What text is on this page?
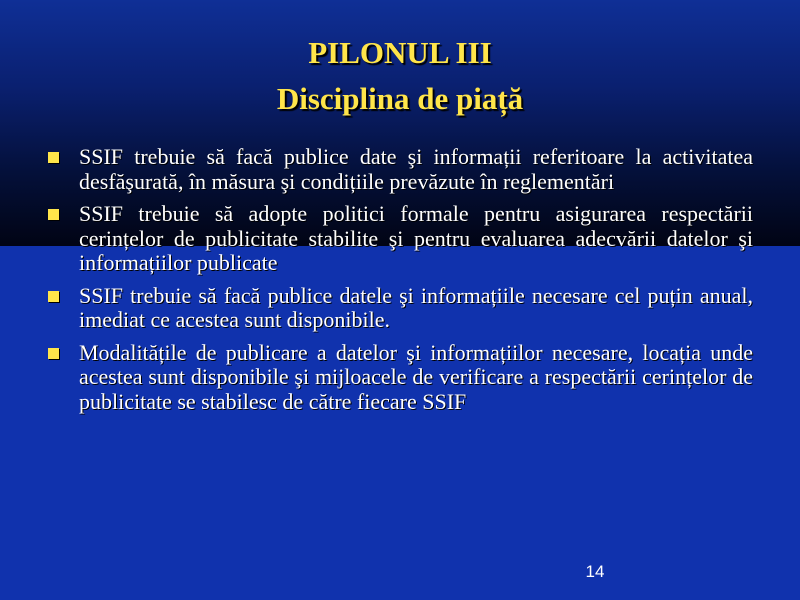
PILONUL III
Disciplina de piață
SSIF trebuie să facă publice date şi informații referitoare la activitatea desfăşurată, în măsura şi condițiile prevăzute în reglementări
SSIF trebuie să adopte politici formale pentru asigurarea respectării cerințelor de publicitate stabilite şi pentru evaluarea adecvării datelor şi informațiilor publicate
SSIF trebuie să facă publice datele şi informațiile necesare cel puțin anual, imediat ce acestea sunt disponibile.
Modalitățile de publicare a datelor şi informațiilor necesare, locația unde acestea sunt disponibile şi mijloacele de verificare a respectării cerințelor de publicitate se stabilesc de către fiecare SSIF
14
